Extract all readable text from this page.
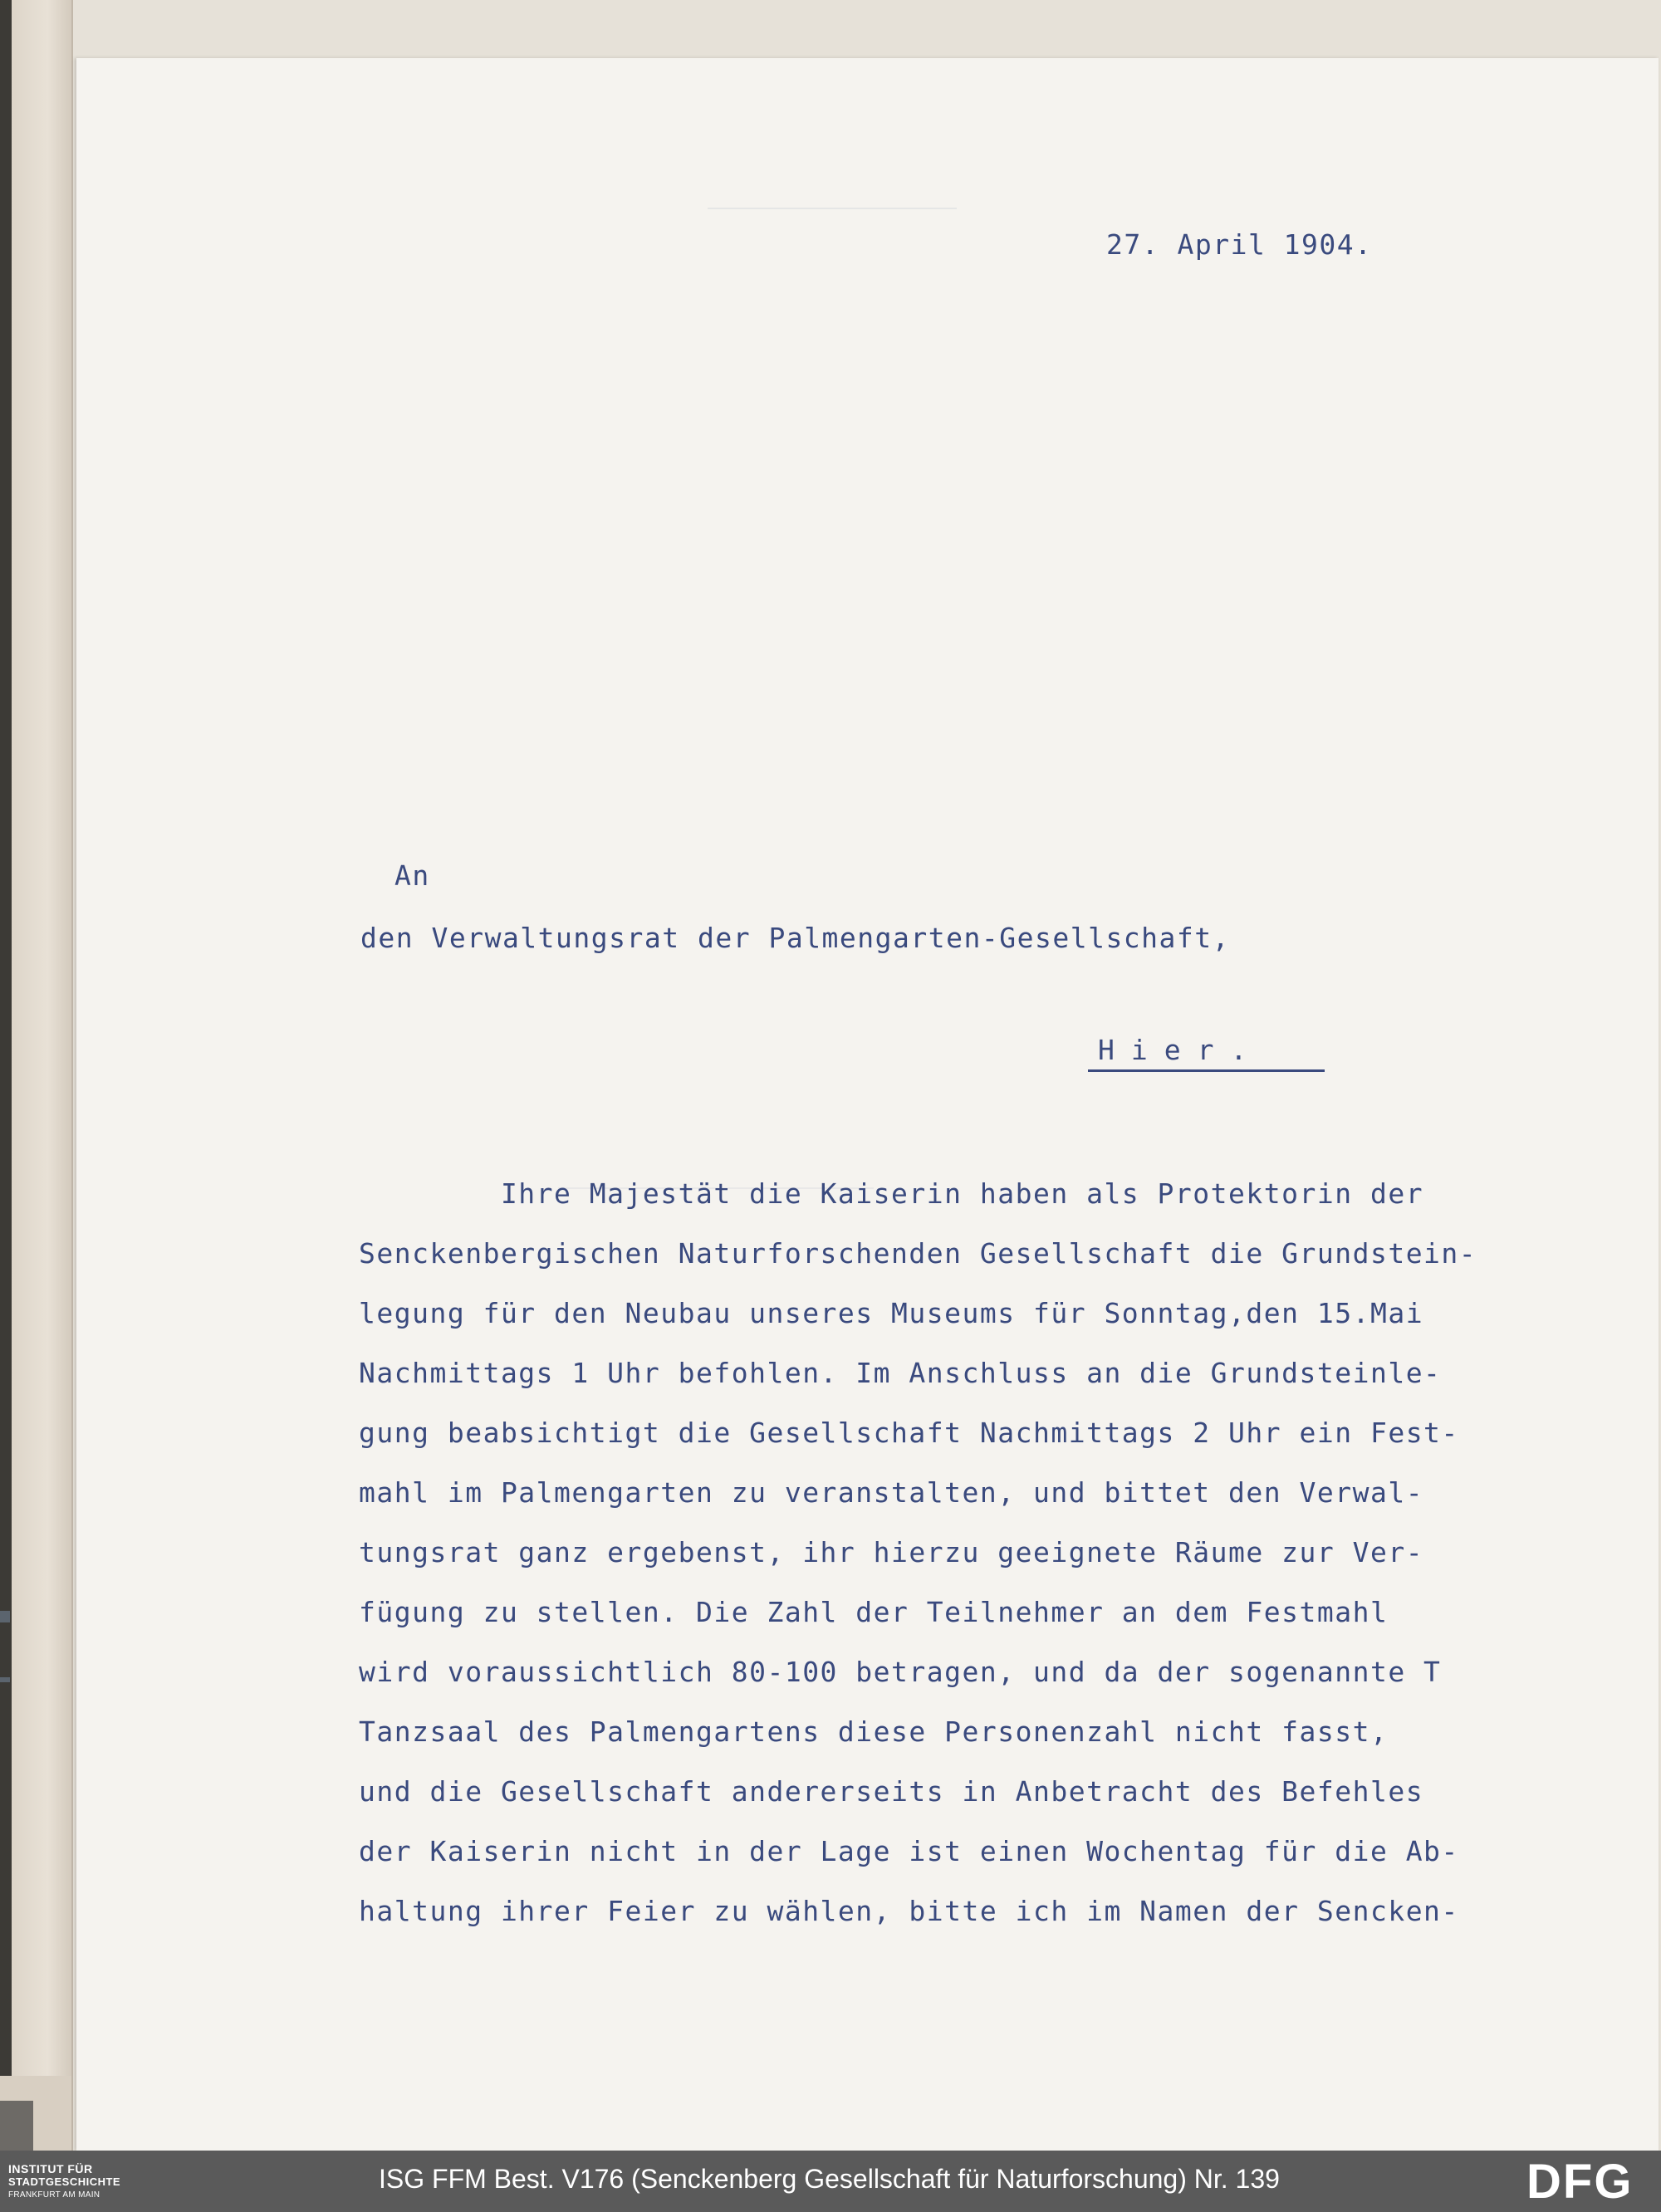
27. April 1904.
An
den Verwaltungsrat der Palmengarten-Gesellschaft,
Hier.
Ihre Majestät die Kaiserin haben als Protektorin der
Senckenbergischen Naturforschenden Gesellschaft die Grundstein-
legung für den Neubau unseres Museums für Sonntag,den 15.Mai
Nachmittags 1 Uhr befohlen. Im Anschluss an die Grundsteinle-
gung beabsichtigt die Gesellschaft Nachmittags 2 Uhr ein Fest-
mahl im Palmengarten zu veranstalten, und bittet den Verwal-
tungsrat ganz ergebenst, ihr hierzu geeignete Räume zur Ver-
fügung zu stellen. Die Zahl der Teilnehmer an dem Festmahl
wird voraussichtlich 80-100 betragen, und da der sogenannte T
Tanzsaal des Palmengartens diese Personenzahl nicht fasst,
und die Gesellschaft andererseits in Anbetracht des Befehles
der Kaiserin nicht in der Lage ist einen Wochentag für die Ab-
haltung ihrer Feier zu wählen, bitte ich im Namen der Sencken-
INSTITUT FÜR
STADTGESCHICHTE
FRANKFURT AM MAIN
ISG FFM Best. V176 (Senckenberg Gesellschaft für Naturforschung) Nr. 139	DFG
